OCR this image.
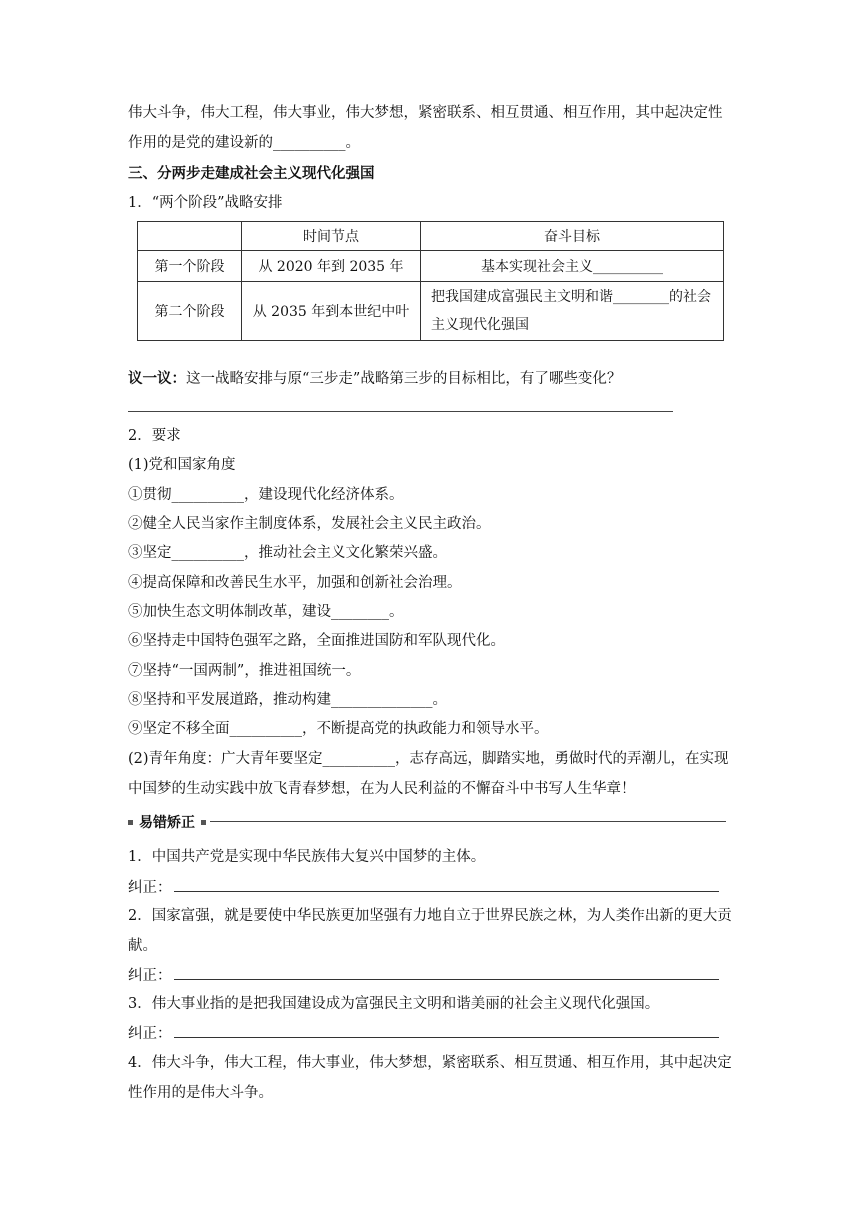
伟大斗争，伟大工程，伟大事业，伟大梦想，紧密联系、相互贯通、相互作用，其中起决定性作用的是党的建设新的__________。

三、分两步走建成社会主义现代化强国

1．“两个阶段”战略安排

	时间节点	奋斗目标
第一个阶段	从 2020 年到 2035 年	基本实现社会主义__________
第二个阶段	从 2035 年到本世纪中叶	把我国建成富强民主文明和谐________的社会主义现代化强国

议一议：这一战略安排与原“三步走”战略第三步的目标相比，有了哪些变化？

2．要求

(1)党和国家角度

①贯彻__________，建设现代化经济体系。

②健全人民当家作主制度体系，发展社会主义民主政治。

③坚定__________，推动社会主义文化繁荣兴盛。

④提高保障和改善民生水平，加强和创新社会治理。

⑤加快生态文明体制改革，建设________。

⑥坚持走中国特色强军之路，全面推进国防和军队现代化。

⑦坚持“一国两制”，推进祖国统一。

⑧坚持和平发展道路，推动构建______________。

⑨坚定不移全面__________，不断提高党的执政能力和领导水平。

(2)青年角度：广大青年要坚定__________，志存高远，脚踏实地，勇做时代的弄潮儿，在实现中国梦的生动实践中放飞青春梦想，在为人民利益的不懈奋斗中书写人生华章！

易错矫正

1．中国共产党是实现中华民族伟大复兴中国梦的主体。

纠正：

2．国家富强，就是要使中华民族更加坚强有力地自立于世界民族之林，为人类作出新的更大贡献。

纠正：

3．伟大事业指的是把我国建设成为富强民主文明和谐美丽的社会主义现代化强国。

纠正：

4．伟大斗争，伟大工程，伟大事业，伟大梦想，紧密联系、相互贯通、相互作用，其中起决定性作用的是伟大斗争。
